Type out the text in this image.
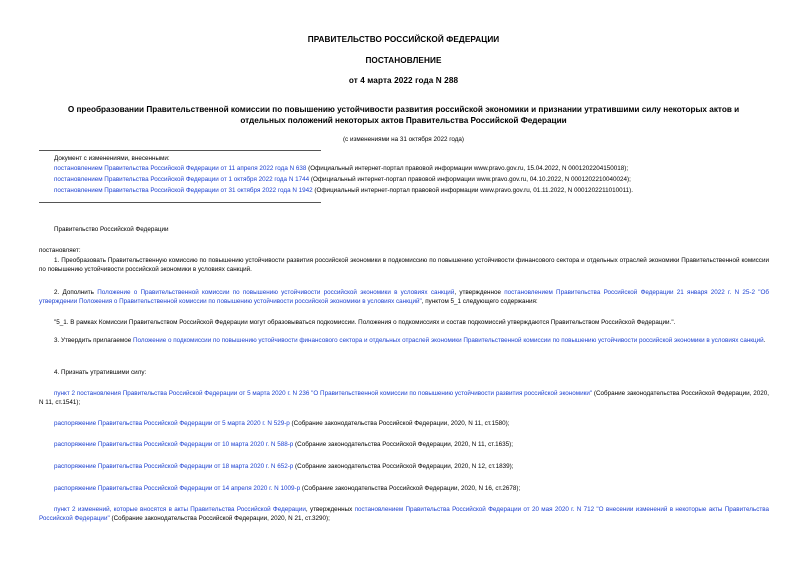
ПРАВИТЕЛЬСТВО РОССИЙСКОЙ ФЕДЕРАЦИИ
ПОСТАНОВЛЕНИЕ
от 4 марта 2022 года N 288
О преобразовании Правительственной комиссии по повышению устойчивости развития российской экономики и признании утратившими силу некоторых актов и
отдельных положений некоторых актов Правительства Российской Федерации
(с изменениями на 31 октября 2022 года)
Документ с изменениями, внесенными:
постановлением Правительства Российской Федерации от 11 апреля 2022 года N 638 (Официальный интернет-портал правовой информации www.pravo.gov.ru, 15.04.2022, N 0001202204150018);
постановлением Правительства Российской Федерации от 1 октября 2022 года N 1744 (Официальный интернет-портал правовой информации www.pravo.gov.ru, 04.10.2022, N 0001202210040024);
постановлением Правительства Российской Федерации от 31 октября 2022 года N 1942 (Официальный интернет-портал правовой информации www.pravo.gov.ru, 01.11.2022, N 0001202211010011).
Правительство Российской Федерации
постановляет:
1. Преобразовать Правительственную комиссию по повышению устойчивости развития российской экономики в подкомиссию по повышению устойчивости финансового сектора и отдельных отраслей экономики Правительственной комиссии по повышению устойчивости российской экономики в условиях санкций.
2. Дополнить Положение о Правительственной комиссии по повышению устойчивости российской экономики в условиях санкций, утвержденное постановлением Правительства Российской Федерации 21 января 2022 г. N 25-2 "Об утверждении Положения о Правительственной комиссии по повышению устойчивости российской экономики в условиях санкций", пунктом 5_1 следующего содержания:
"5_1. В рамках Комиссии Правительством Российской Федерации могут образовываться подкомиссии. Положения о подкомиссиях и состав подкомиссий утверждаются Правительством Российской Федерации.".
3. Утвердить прилагаемое Положение о подкомиссии по повышению устойчивости финансового сектора и отдельных отраслей экономики Правительственной комиссии по повышению устойчивости российской экономики в условиях санкций.
4. Признать утратившими силу:
пункт 2 постановления Правительства Российской Федерации от 5 марта 2020 г. N 236 "О Правительственной комиссии по повышению устойчивости развития российской экономики" (Собрание законодательства Российской Федерации, 2020, N 11, ст.1541);
распоряжение Правительства Российской Федерации от 5 марта 2020 г. N 529-р (Собрание законодательства Российской Федерации, 2020, N 11, ст.1580);
распоряжение Правительства Российской Федерации от 10 марта 2020 г. N 588-р (Собрание законодательства Российской Федерации, 2020, N 11, ст.1635);
распоряжение Правительства Российской Федерации от 18 марта 2020 г. N 652-р (Собрание законодательства Российской Федерации, 2020, N 12, ст.1839);
распоряжение Правительства Российской Федерации от 14 апреля 2020 г. N 1009-р (Собрание законодательства Российской Федерации, 2020, N 16, ст.2678);
пункт 2 изменений, которые вносятся в акты Правительства Российской Федерации, утвержденных постановлением Правительства Российской Федерации от 20 мая 2020 г. N 712 "О внесении изменений в некоторые акты Правительства Российской Федерации" (Собрание законодательства Российской Федерации, 2020, N 21, ст.3290);
